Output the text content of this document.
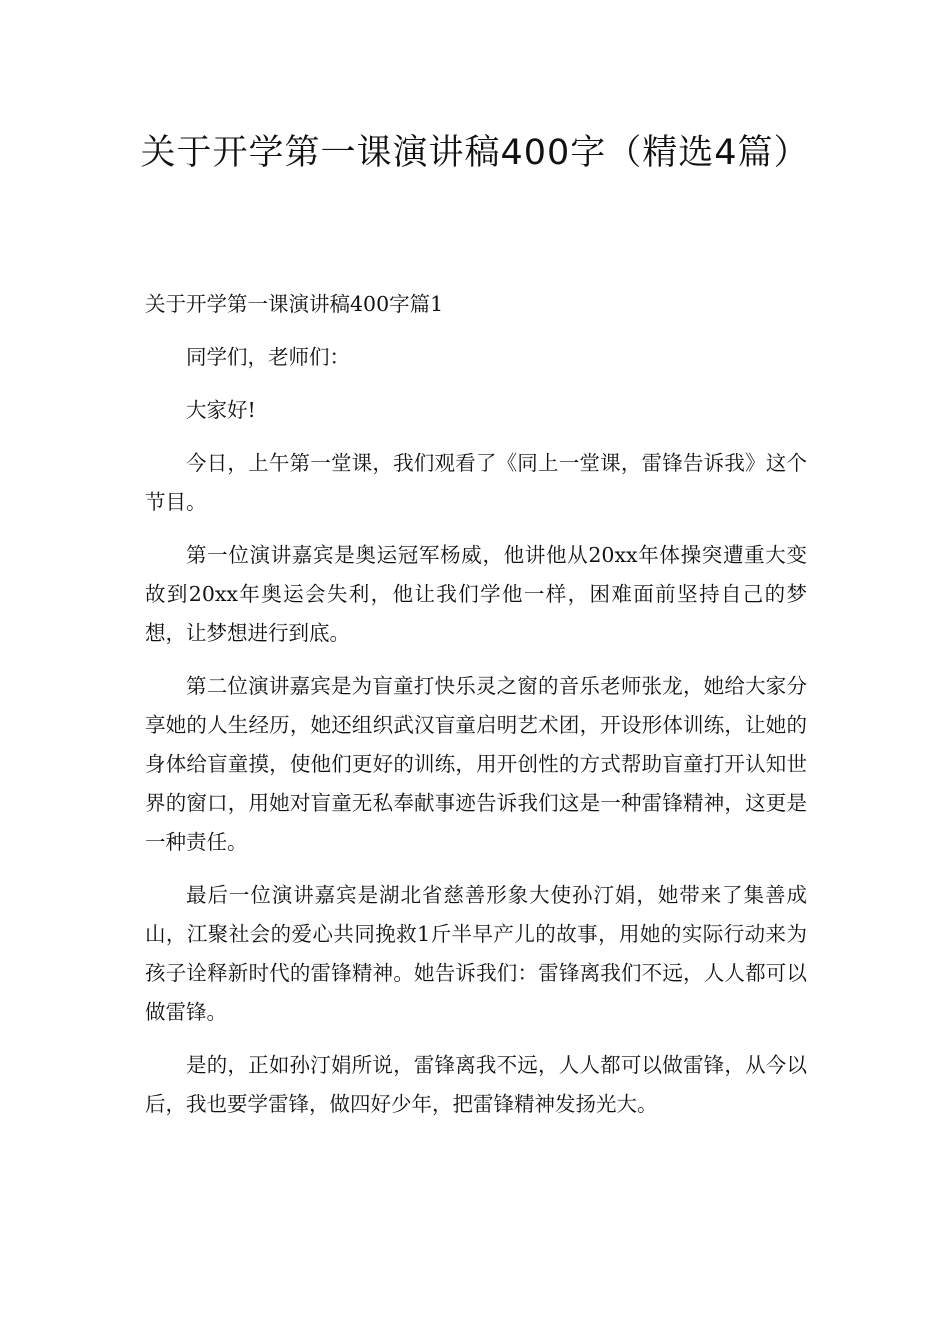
关于开学第一课演讲稿400字（精选4篇）

关于开学第一课演讲稿400字篇1

同学们，老师们：

大家好!

今日，上午第一堂课，我们观看了《同上一堂课，雷锋告诉我》这个节目。

第一位演讲嘉宾是奥运冠军杨威，他讲他从20xx年体操突遭重大变故到20xx年奥运会失利，他让我们学他一样，困难面前坚持自己的梦想，让梦想进行到底。

第二位演讲嘉宾是为盲童打快乐灵之窗的音乐老师张龙，她给大家分享她的人生经历，她还组织武汉盲童启明艺术团，开设形体训练，让她的身体给盲童摸，使他们更好的训练，用开创性的方式帮助盲童打开认知世界的窗口，用她对盲童无私奉献事迹告诉我们这是一种雷锋精神，这更是一种责任。

最后一位演讲嘉宾是湖北省慈善形象大使孙汀娟，她带来了集善成山，江聚社会的爱心共同挽救1斤半早产儿的故事，用她的实际行动来为孩子诠释新时代的雷锋精神。她告诉我们：雷锋离我们不远，人人都可以做雷锋。

是的，正如孙汀娟所说，雷锋离我不远，人人都可以做雷锋，从今以后，我也要学雷锋，做四好少年，把雷锋精神发扬光大。
